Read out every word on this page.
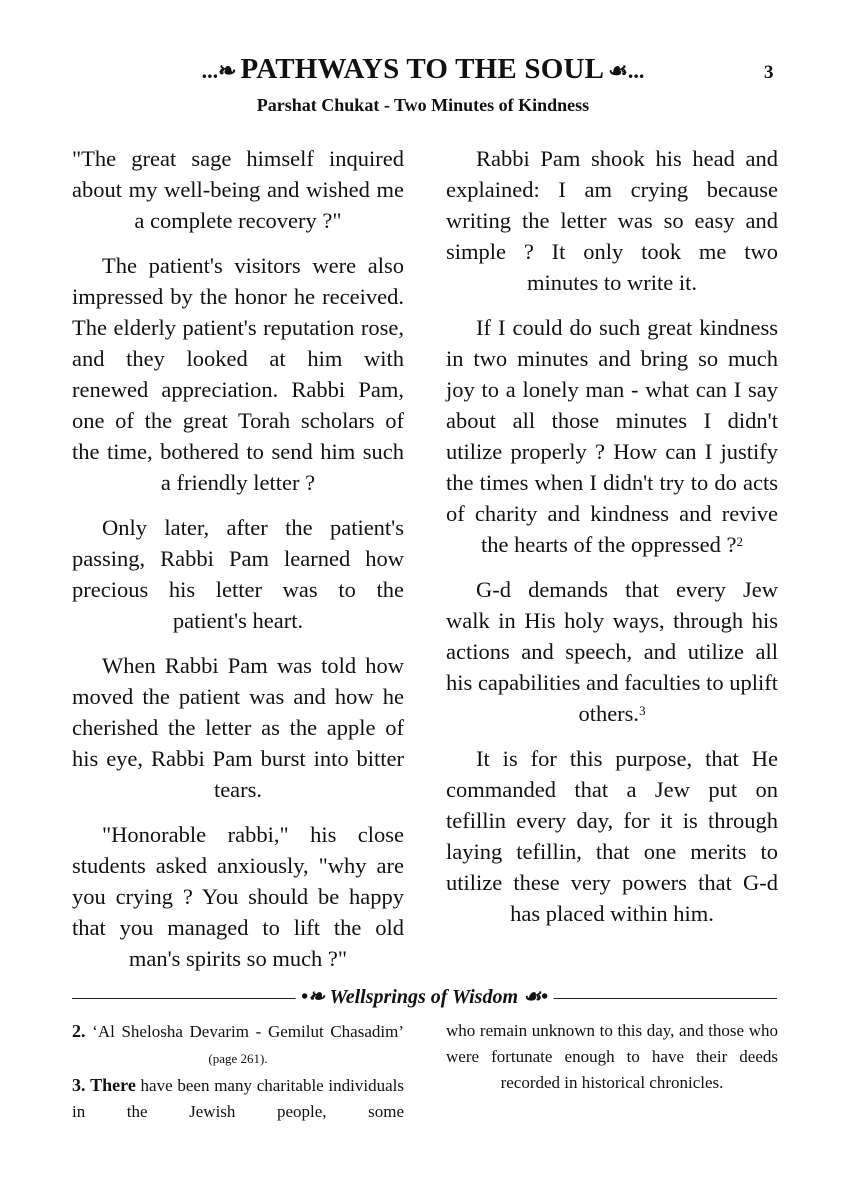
...❧ PATHWAYS TO THE SOUL ☙...	3
Parshat Chukat - Two Minutes of Kindness

"The great sage himself inquired about my well-being and wished me a complete recovery ?"

The patient's visitors were also impressed by the honor he received. The elderly patient's reputation rose, and they looked at him with renewed appreciation. Rabbi Pam, one of the great Torah scholars of the time, bothered to send him such a friendly letter ?

Only later, after the patient's passing, Rabbi Pam learned how precious his letter was to the patient's heart.

When Rabbi Pam was told how moved the patient was and how he cherished the letter as the apple of his eye, Rabbi Pam burst into bitter tears.

"Honorable rabbi," his close students asked anxiously, "why are you crying ? You should be happy that you managed to lift the old man's spirits so much ?"

Rabbi Pam shook his head and explained: I am crying because writing the letter was so easy and simple ? It only took me two minutes to write it.

If I could do such great kindness in two minutes and bring so much joy to a lonely man - what can I say about all those minutes I didn't utilize properly ? How can I justify the times when I didn't try to do acts of charity and kindness and revive the hearts of the oppressed ?$^2$

G-d demands that every Jew walk in His holy ways, through his actions and speech, and utilize all his capabilities and faculties to uplift others.$^3$

It is for this purpose, that He commanded that a Jew put on tefillin every day, for it is through laying tefillin, that one merits to utilize these very powers that G-d has placed within him.

•❧ Wellsprings of Wisdom ☙•

2. ‘Al Shelosha Devarim - Gemilut Chasadim’ (page 261).

3. There have been many charitable individuals in the Jewish people, some

who remain unknown to this day, and those who were fortunate enough to have their deeds recorded in historical chronicles.
